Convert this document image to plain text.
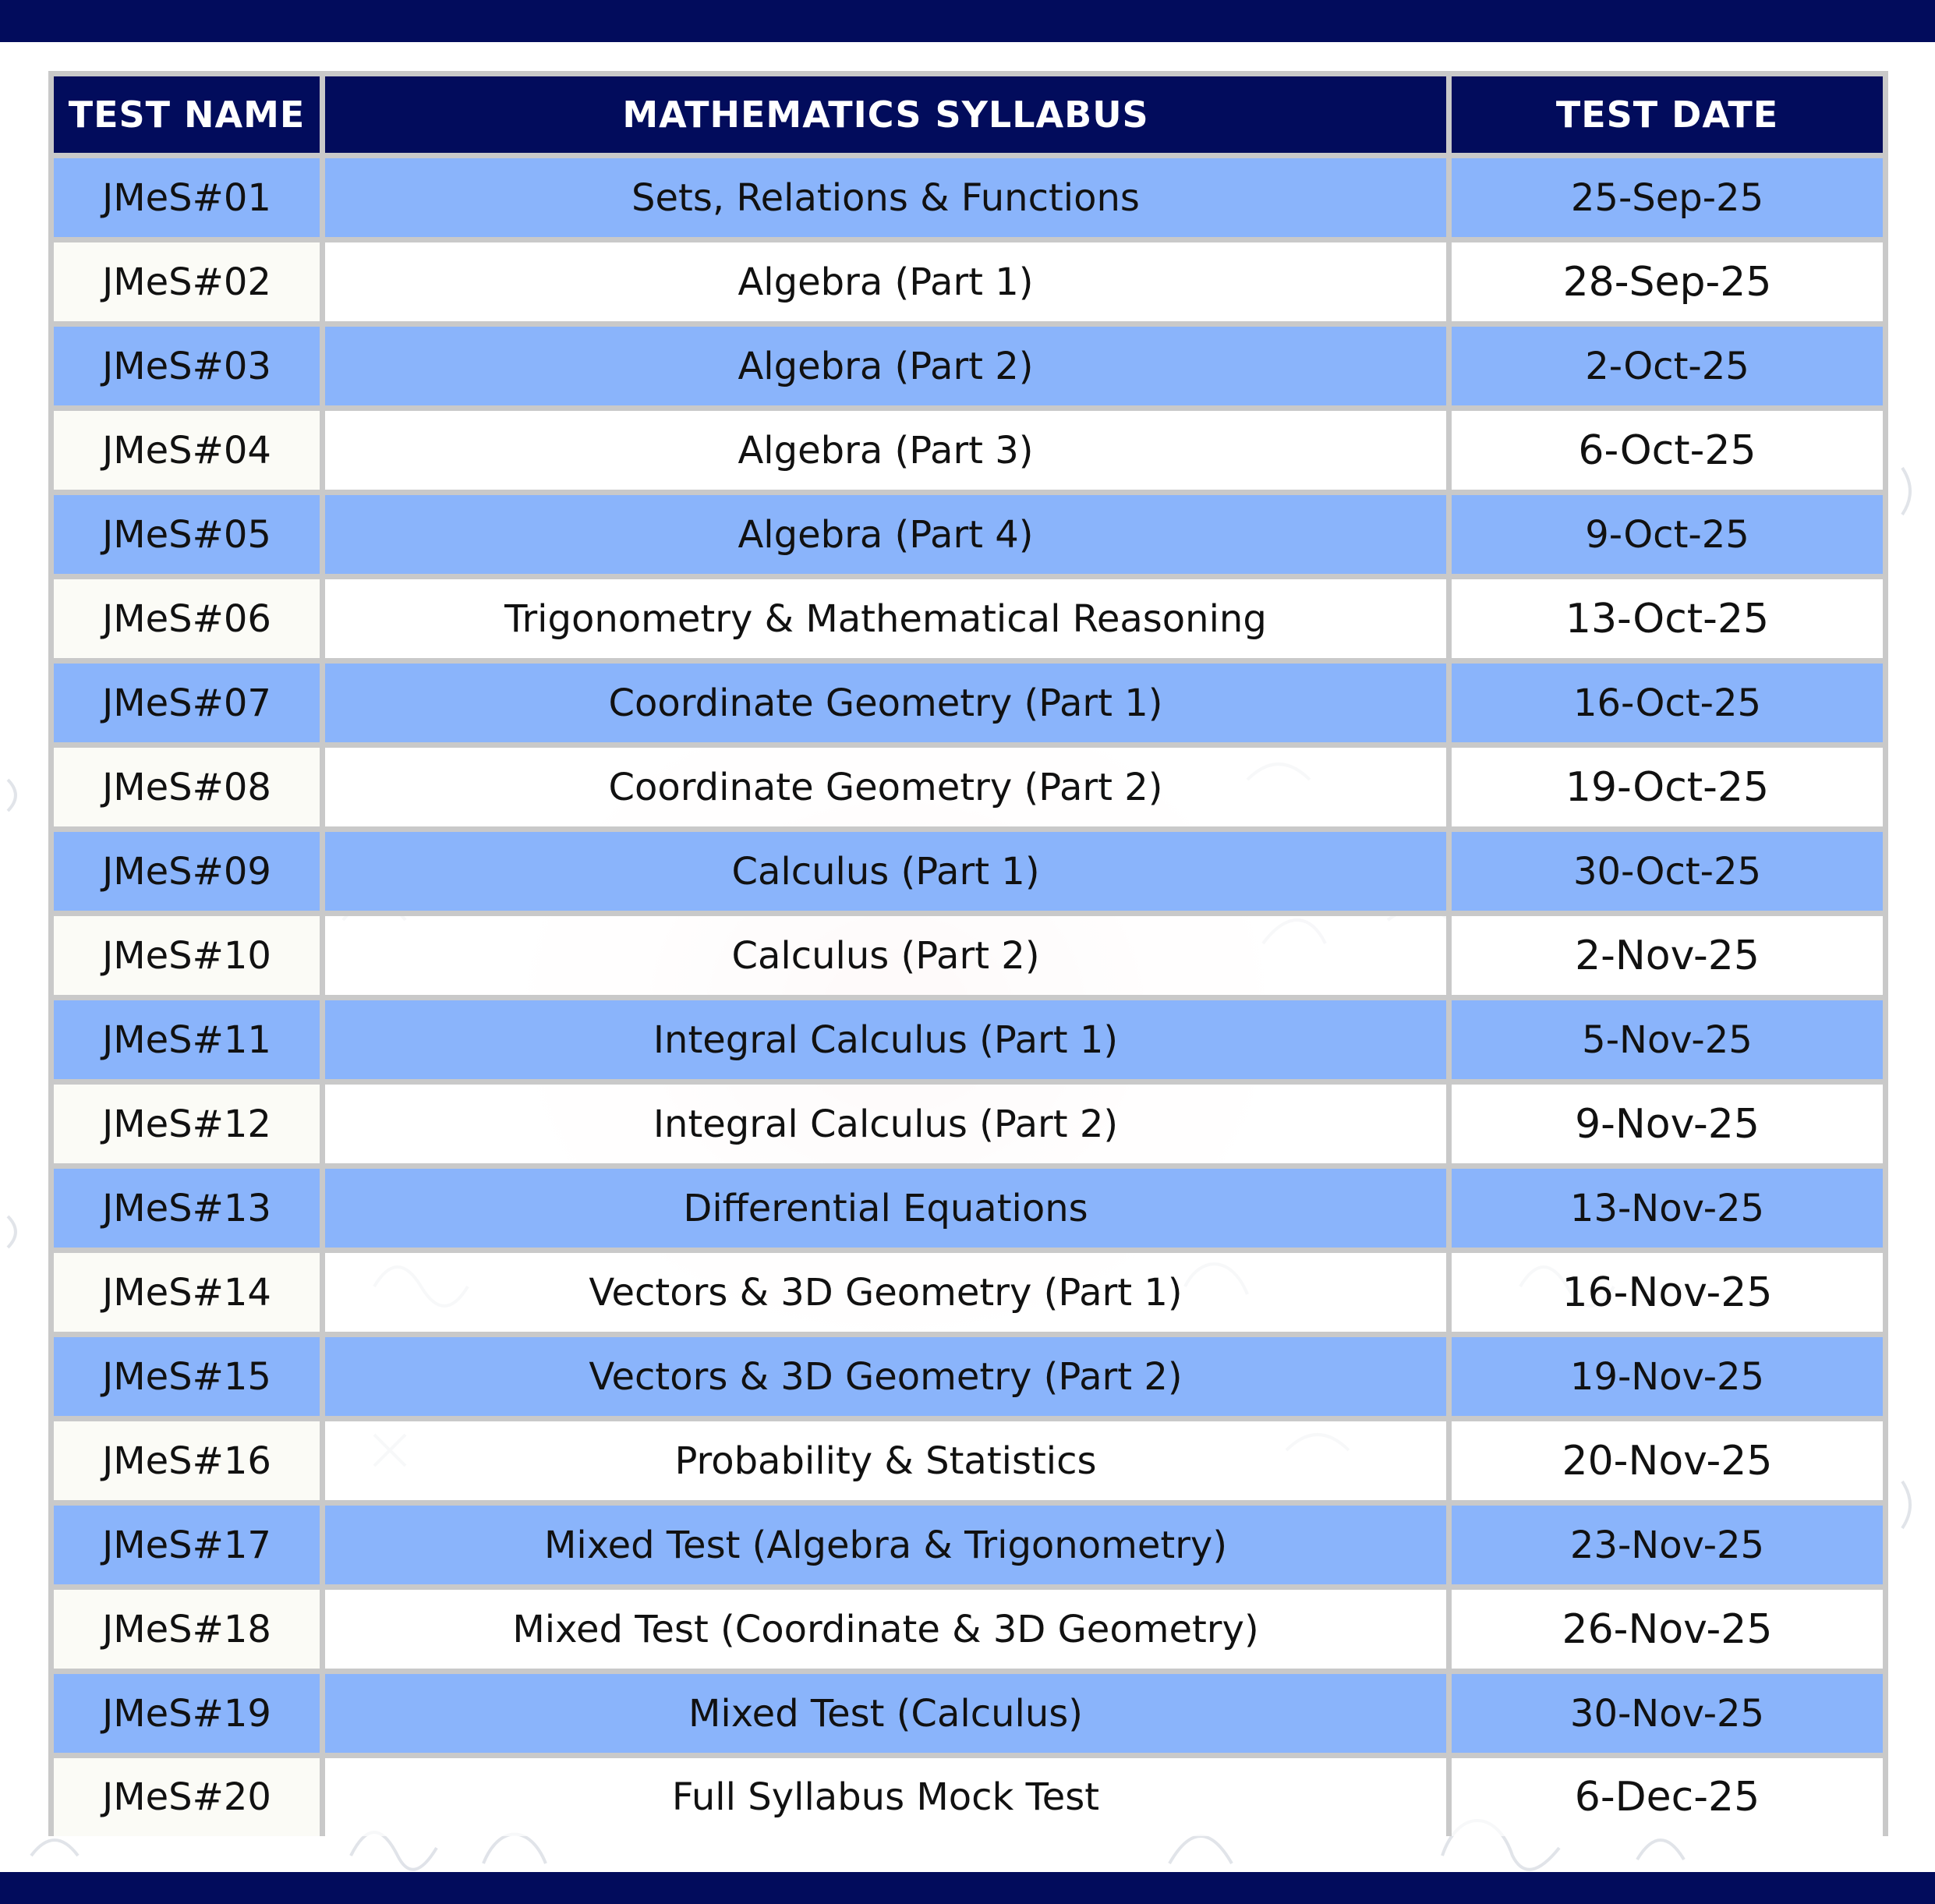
TEST NAME	MATHEMATICS SYLLABUS	TEST DATE
JMeS#01	Sets, Relations & Functions	25-Sep-25
JMeS#02	Algebra (Part 1)	28-Sep-25
JMeS#03	Algebra (Part 2)	2-Oct-25
JMeS#04	Algebra (Part 3)	6-Oct-25
JMeS#05	Algebra (Part 4)	9-Oct-25
JMeS#06	Trigonometry & Mathematical Reasoning	13-Oct-25
JMeS#07	Coordinate Geometry (Part 1)	16-Oct-25
JMeS#08	Coordinate Geometry (Part 2)	19-Oct-25
JMeS#09	Calculus (Part 1)	30-Oct-25
JMeS#10	Calculus (Part 2)	2-Nov-25
JMeS#11	Integral Calculus (Part 1)	5-Nov-25
JMeS#12	Integral Calculus (Part 2)	9-Nov-25
JMeS#13	Differential Equations	13-Nov-25
JMeS#14	Vectors & 3D Geometry (Part 1)	16-Nov-25
JMeS#15	Vectors & 3D Geometry (Part 2)	19-Nov-25
JMeS#16	Probability & Statistics	20-Nov-25
JMeS#17	Mixed Test (Algebra & Trigonometry)	23-Nov-25
JMeS#18	Mixed Test (Coordinate & 3D Geometry)	26-Nov-25
JMeS#19	Mixed Test (Calculus)	30-Nov-25
JMeS#20	Full Syllabus Mock Test	6-Dec-25
